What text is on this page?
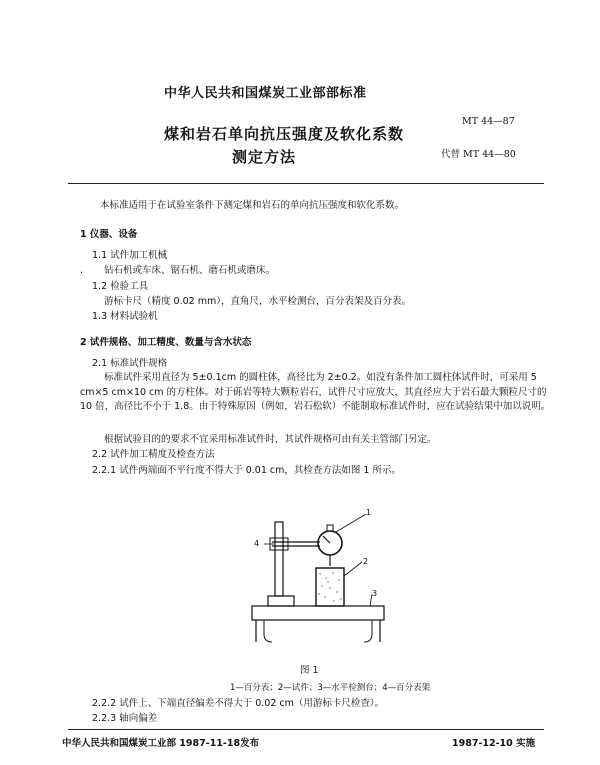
中华人民共和国煤炭工业部部标准
煤和岩石单向抗压强度及软化系数
测定方法
MT 44—87
代替 MT 44—80
本标准适用于在试验室条件下测定煤和岩石的单向抗压强度和软化系数。
1 仪器、设备
1.1 试件加工机械
. 钻石机或车床、锯石机、磨石机或磨床。
1.2 检验工具
游标卡尺（精度 0.02 mm），直角尺，水平检测台，百分表架及百分表。
1.3 材料试验机
2 试件规格、加工精度、数量与含水状态
2.1 标准试件规格
标准试件采用直径为 5±0.1cm 的圆柱体，高径比为 2±0.2。如没有条件加工圆柱体试件时，可采用 5 cm×5 cm×10 cm 的方柱体。对于砾岩等特大颗粒岩石，试件尺寸应放大，其直径应大于岩石最大颗粒尺寸的 10 倍，高径比不小于 1.8。由于特殊原因（例如，岩石松软）不能制取标准试件时，应在试验结果中加以说明。
根据试验目的的要求不宜采用标准试件时，其试件规格可由有关主管部门另定。
2.2 试件加工精度及检查方法
2.2.1 试件两端面不平行度不得大于 0.01 cm，其检查方法如图 1 所示。
1
2
3
4
图 1
1—百分表；2—试件；3—水平检测台；4—百分表架
2.2.2 试件上、下端直径偏差不得大于 0.02 cm（用游标卡尺检查）。
2.2.3 轴向偏差
中华人民共和国煤炭工业部 1987-11-18发布	1987-12-10 实施
